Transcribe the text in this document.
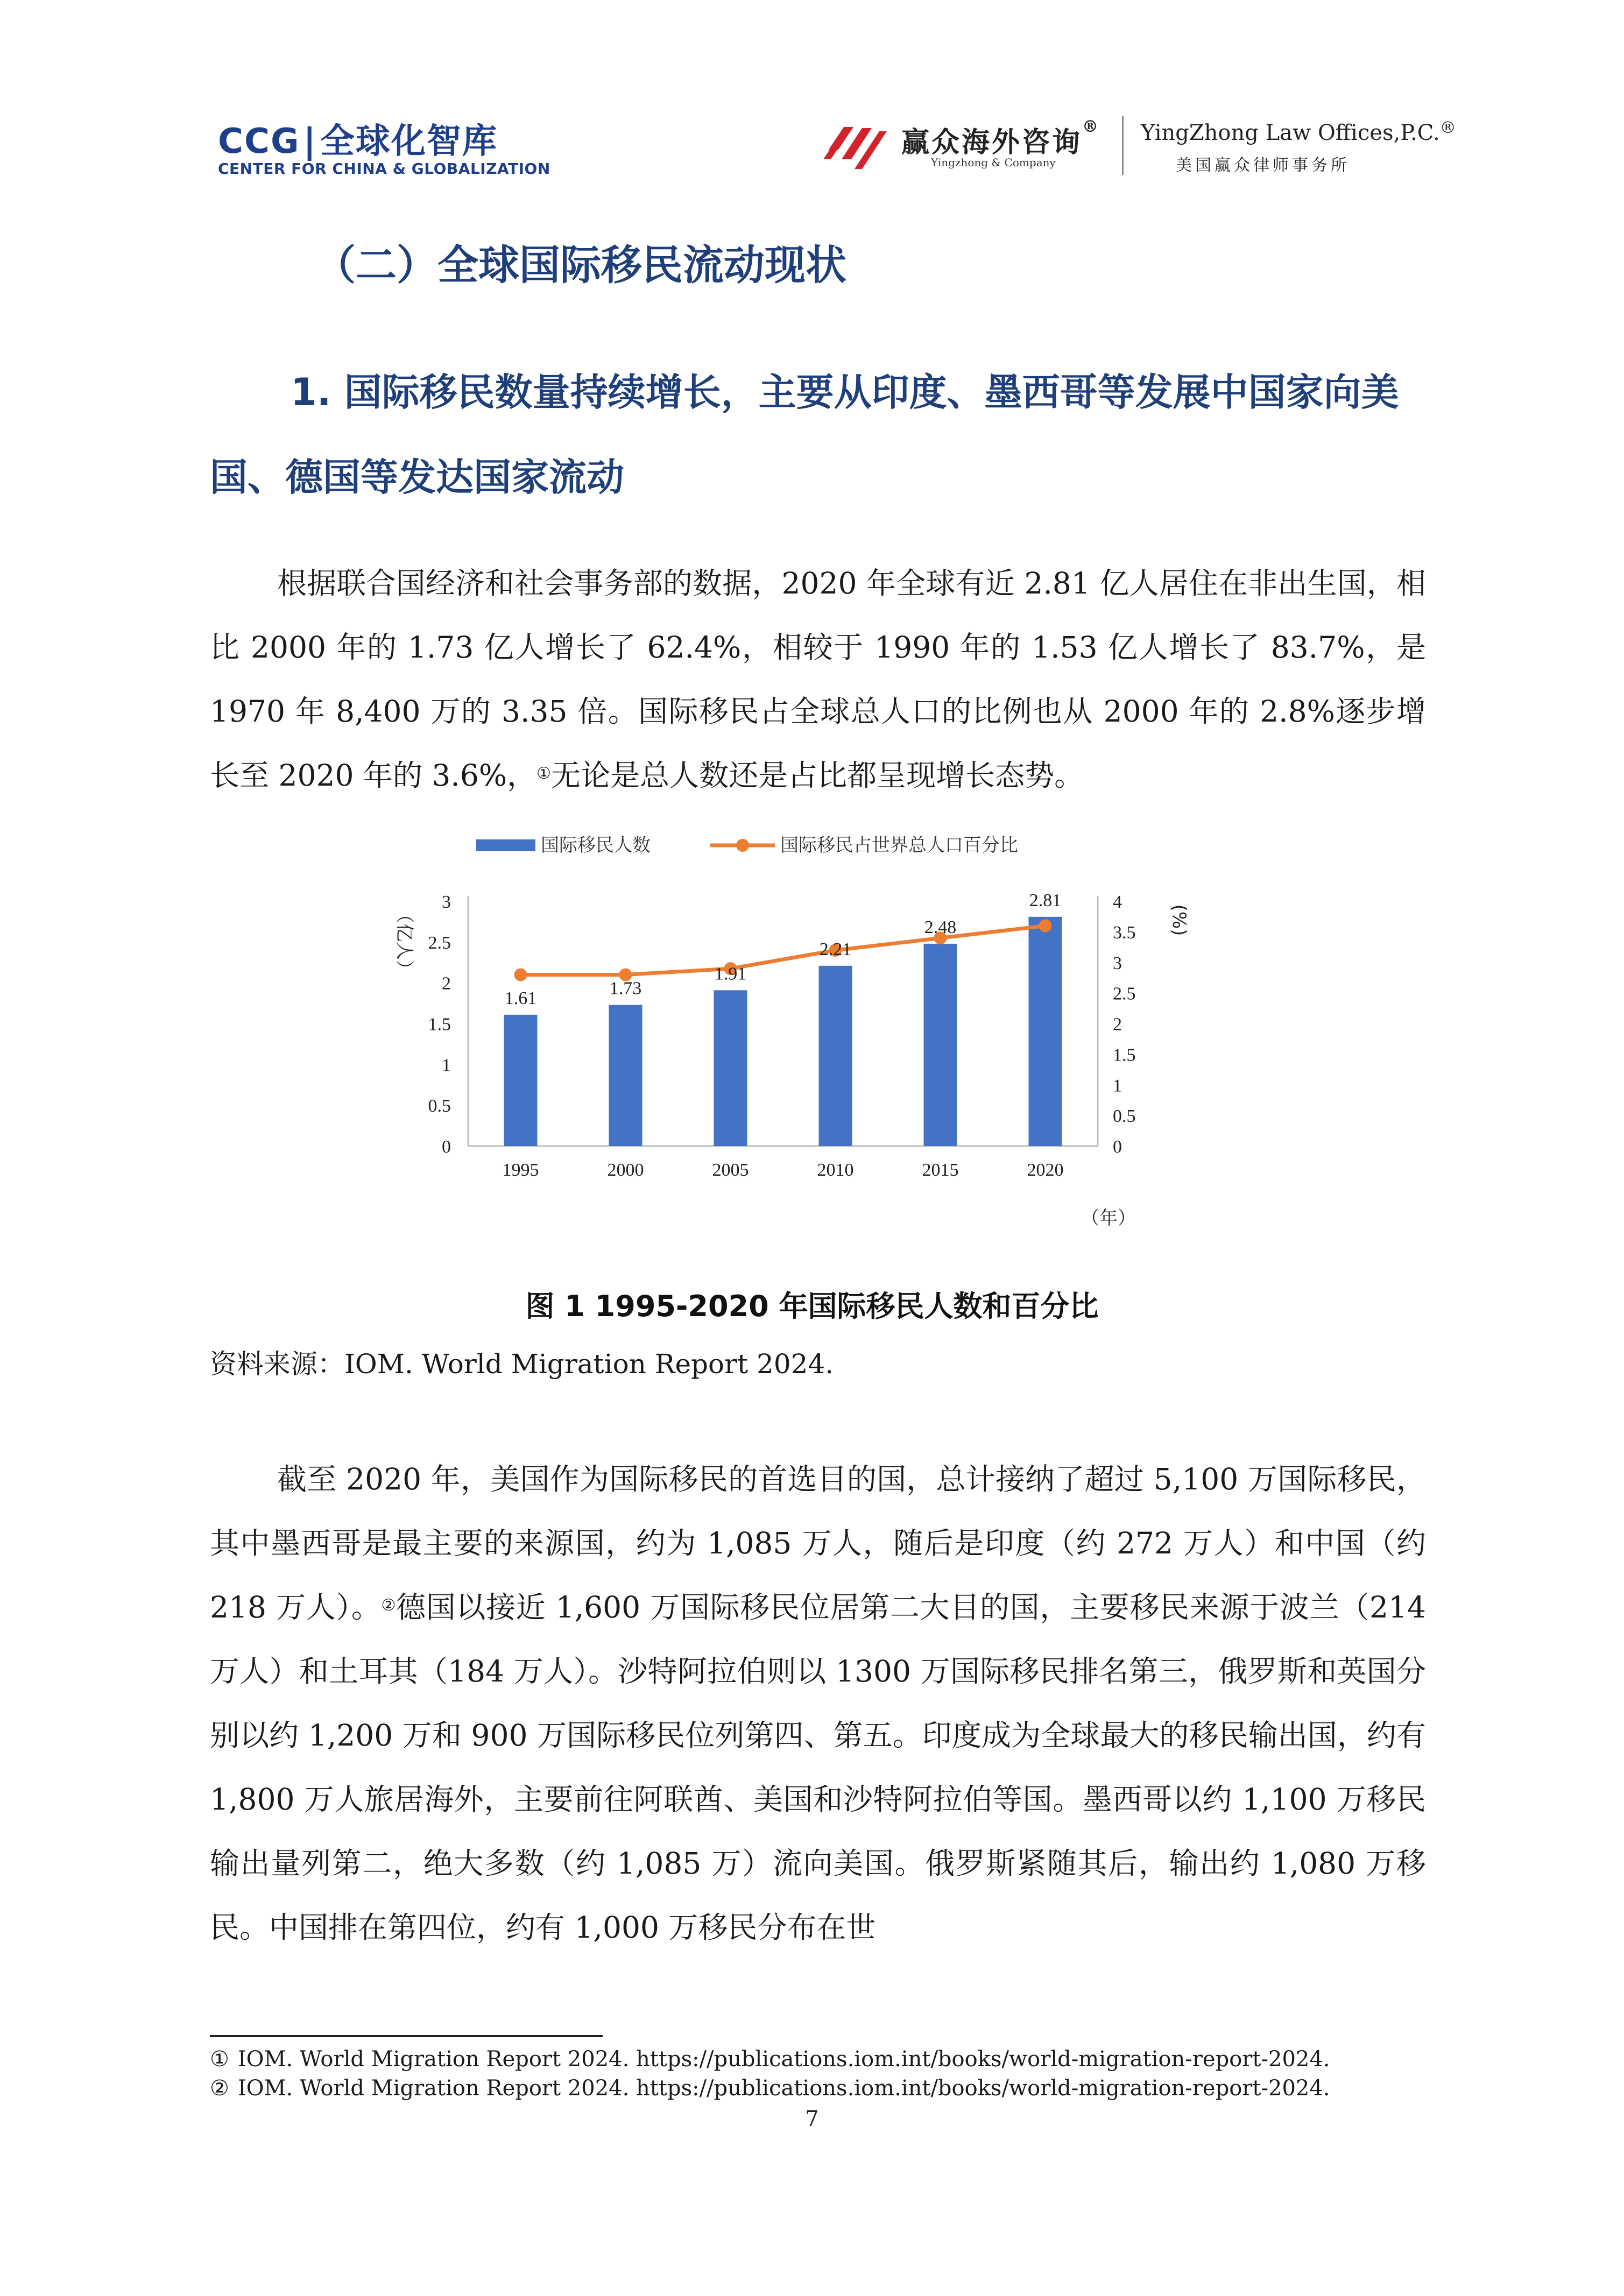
CCG|全球化智库
CENTER FOR CHINA & GLOBALIZATION
赢众海外咨询®
Yingzhong & Company
YingZhong Law Offices,P.C.®
美国赢众律师事务所
（二）全球国际移民流动现状
1. 国际移民数量持续增长，主要从印度、墨西哥等发展中国家向美国、德国等发达国家流动
根据联合国经济和社会事务部的数据，2020 年全球有近 2.81 亿人居住在非出生国，相比 2000 年的 1.73 亿人增长了 62.4%，相较于 1990 年的 1.53 亿人增长了 83.7%，是 1970 年 8,400 万的 3.35 倍。国际移民占全球总人口的比例也从 2000 年的 2.8%逐步增长至 2020 年的 3.6%，①无论是总人数还是占比都呈现增长态势。
国际移民人数	国际移民占世界总人口百分比
0
0.5
1
1.5
2
2.5
3
0
0.5
1
1.5
2
2.5
3
3.5
4
（亿人）	(%)
（年）
1995	2000	2005	2010	2015	2020
1.61	1.73
1.91
2.21
2.48
2.81
图 1 1995-2020 年国际移民人数和百分比
资料来源：IOM. World Migration Report 2024.
截至 2020 年，美国作为国际移民的首选目的国，总计接纳了超过 5,100 万国际移民，其中墨西哥是最主要的来源国，约为 1,085 万人，随后是印度（约 272 万人）和中国（约 218 万人）。②德国以接近 1,600 万国际移民位居第二大目的国，主要移民来源于波兰（214 万人）和土耳其（184 万人）。沙特阿拉伯则以 1300 万国际移民排名第三，俄罗斯和英国分别以约 1,200 万和 900 万国际移民位列第四、第五。印度成为全球最大的移民输出国，约有 1,800 万人旅居海外，主要前往阿联酋、美国和沙特阿拉伯等国。墨西哥以约 1,100 万移民输出量列第二，绝大多数（约 1,085 万）流向美国。俄罗斯紧随其后，输出约 1,080 万移民。中国排在第四位，约有 1,000 万移民分布在世
① IOM. World Migration Report 2024. https://publications.iom.int/books/world-migration-report-2024.
② IOM. World Migration Report 2024. https://publications.iom.int/books/world-migration-report-2024.
7
